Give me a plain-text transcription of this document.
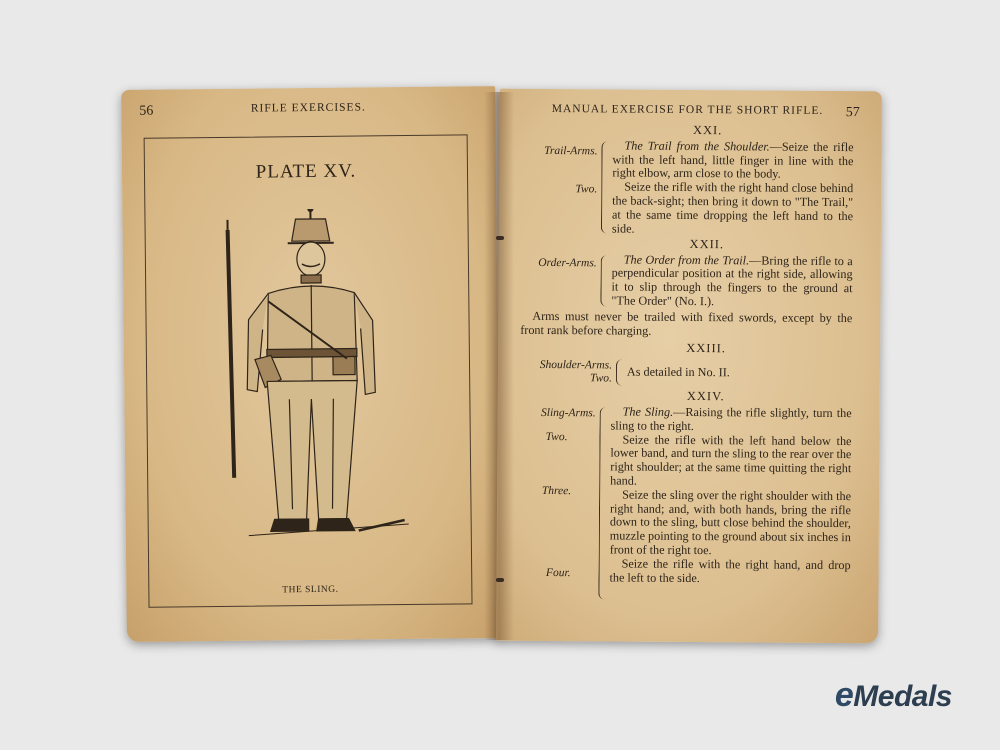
56	RIFLE EXERCISES.
PLATE XV.
THE SLING.
MANUAL EXERCISE FOR THE SHORT RIFLE. 57
XXI.
Trail-Arms.
Two.

The Trail from the Shoulder.—Seize the rifle with the left hand, little finger in line with the right elbow, arm close to the body.

Seize the rifle with the right hand close behind the back-sight; then bring it down to "The Trail," at the same time dropping the left hand to the side.

XXII.
Order-Arms.	The Order from the Trail.—Bring the rifle to a perpendicular position at the right side, allowing it to slip through the fingers to the ground at "The Order" (No. I.).

Arms must never be trailed with fixed swords, except by the front rank before charging.
XXIII.
Shoulder-Arms.
Two. As detailed in No. II.

XXIV.
Sling-Arms.
Two.
Three.
Four.

The Sling.—Raising the rifle slightly, turn the sling to the right.

Seize the rifle with the left hand below the lower band, and turn the sling to the rear over the right shoulder; at the same time quitting the right hand.

Seize the sling over the right shoulder with the right hand; and, with both hands, bring the rifle down to the sling, butt close behind the shoulder, muzzle pointing to the ground about six inches in front of the right toe.

Seize the rifle with the right hand, and drop the left to the side.

eMedals
